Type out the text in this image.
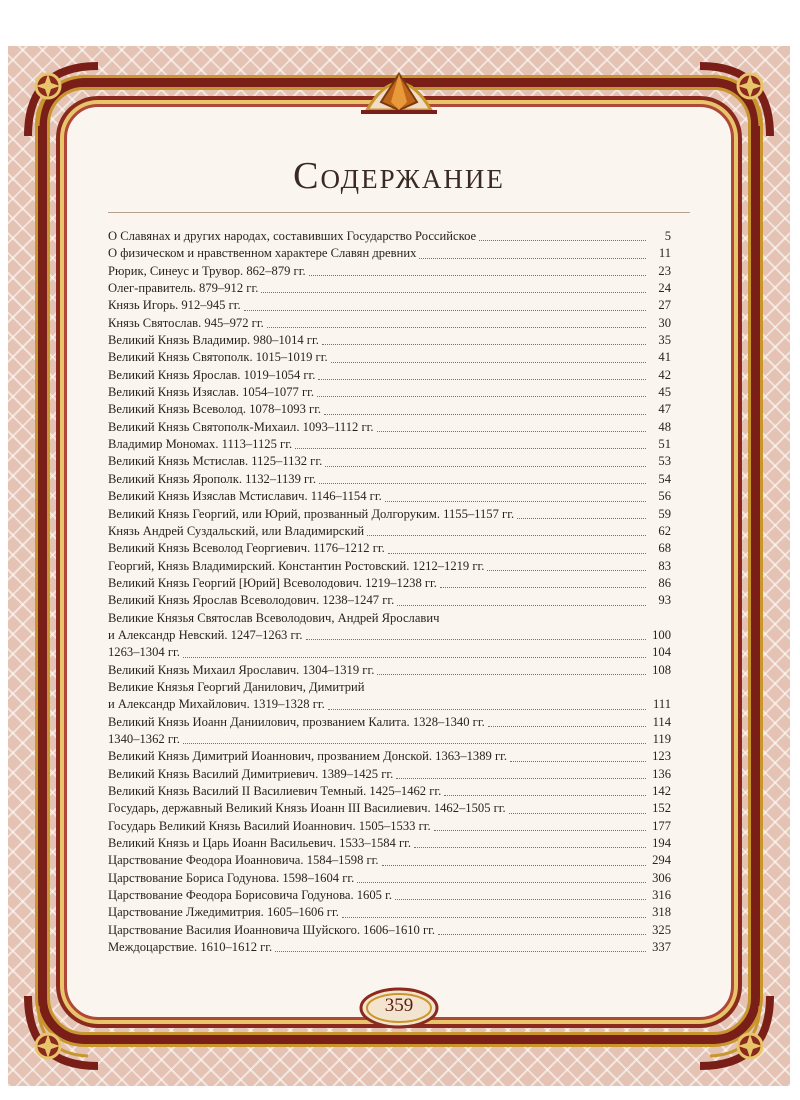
Содержание
О Славянах и других народах, составивших Государство Российское	5
О физическом и нравственном характере Славян древних	11
Рюрик, Синеус и Трувор. 862–879 гг.	23
Олег-правитель. 879–912 гг.	24
Князь Игорь. 912–945 гг.	27
Князь Святослав. 945–972 гг.	30
Великий Князь Владимир. 980–1014 гг.	35
Великий Князь Святополк. 1015–1019 гг.	41
Великий Князь Ярослав. 1019–1054 гг.	42
Великий Князь Изяслав. 1054–1077 гг.	45
Великий Князь Всеволод. 1078–1093 гг.	47
Великий Князь Святополк-Михаил. 1093–1112 гг.	48
Владимир Мономах. 1113–1125 гг.	51
Великий Князь Мстислав. 1125–1132 гг.	53
Великий Князь Ярополк. 1132–1139 гг.	54
Великий Князь Изяслав Мстиславич. 1146–1154 гг.	56
Великий Князь Георгий, или Юрий, прозванный Долгоруким. 1155–1157 гг.	59
Князь Андрей Суздальский, или Владимирский	62
Великий Князь Всеволод Георгиевич. 1176–1212 гг.	68
Георгий, Князь Владимирский. Константин Ростовский. 1212–1219 гг.	83
Великий Князь Георгий [Юрий] Всеволодович. 1219–1238 гг.	86
Великий Князь Ярослав Всеволодович. 1238–1247 гг.	93
Великие Князья Святослав Всеволодович, Андрей Ярославич
и Александр Невский. 1247–1263 гг.	100
1263–1304 гг.	104
Великий Князь Михаил Ярославич. 1304–1319 гг.	108
Великие Князья Георгий Данилович, Димитрий
и Александр Михайлович. 1319–1328 гг.	111
Великий Князь Иоанн Даниилович, прозванием Калита. 1328–1340 гг.	114
1340–1362 гг.	119
Великий Князь Димитрий Иоаннович, прозванием Донской. 1363–1389 гг.	123
Великий Князь Василий Димитриевич. 1389–1425 гг.	136
Великий Князь Василий II Василиевич Темный. 1425–1462 гг.	142
Государь, державный Великий Князь Иоанн III Василиевич. 1462–1505 гг.	152
Государь Великий Князь Василий Иоаннович. 1505–1533 гг.	177
Великий Князь и Царь Иоанн Васильевич. 1533–1584 гг.	194
Царствование Феодора Иоанновича. 1584–1598 гг.	294
Царствование Бориса Годунова. 1598–1604 гг.	306
Царствование Феодора Борисовича Годунова. 1605 г.	316
Царствование Лжедимитрия. 1605–1606 гг.	318
Царствование Василия Иоанновича Шуйского. 1606–1610 гг.	325
Междоцарствие. 1610–1612 гг.	337
359
